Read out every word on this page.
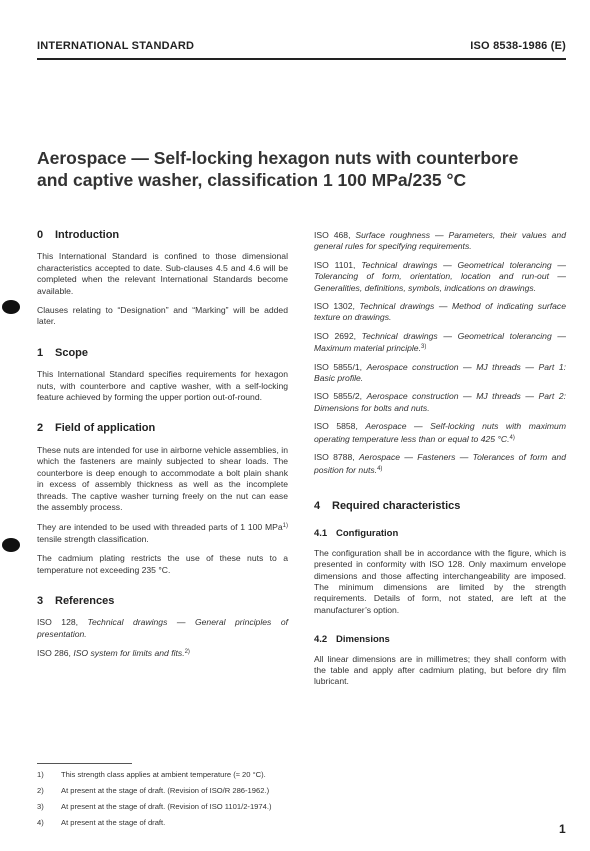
INTERNATIONAL STANDARD	ISO 8538-1986 (E)
Aerospace — Self-locking hexagon nuts with counterbore
and captive washer, classification 1 100 MPa/235 °C
0 Introduction

This International Standard is confined to those dimensional characteristics accepted to date. Sub-clauses 4.5 and 4.6 will be completed when the relevant International Standards become available.

Clauses relating to “Designation” and “Marking” will be added later.

1 Scope

This International Standard specifies requirements for hexagon nuts, with counterbore and captive washer, with a self-locking feature achieved by forming the upper portion out-of-round.

2 Field of application

These nuts are intended for use in airborne vehicle assemblies, in which the fasteners are mainly subjected to shear loads. The counterbore is deep enough to accommodate a bolt plain shank in excess of assembly thickness as well as the incomplete threads. The captive washer turning freely on the nut can ease the assembly process.

They are intended to be used with threaded parts of 1 100 MPa$^{1)}$ tensile strength classification.

The cadmium plating restricts the use of these nuts to a temperature not exceeding 235 °C.

3 References

ISO 128, Technical drawings — General principles of presentation.

ISO 286, ISO system for limits and fits.$^{2)}$

ISO 468, Surface roughness — Parameters, their values and general rules for specifying requirements.

ISO 1101, Technical drawings — Geometrical tolerancing — Tolerancing of form, orientation, location and run-out — Generalities, definitions, symbols, indications on drawings.

ISO 1302, Technical drawings — Method of indicating surface texture on drawings.

ISO 2692, Technical drawings — Geometrical tolerancing — Maximum material principle.$^{3)}$

ISO 5855/1, Aerospace construction — MJ threads — Part 1: Basic profile.

ISO 5855/2, Aerospace construction — MJ threads — Part 2: Dimensions for bolts and nuts.

ISO 5858, Aerospace — Self-locking nuts with maximum operating temperature less than or equal to 425 °C.$^{4)}$

ISO 8788, Aerospace — Fasteners — Tolerances of form and position for nuts.$^{4)}$

4 Required characteristics
4.1 Configuration

The configuration shall be in accordance with the figure, which is presented in conformity with ISO 128. Only maximum envelope dimensions and those affecting interchangeability are imposed. The minimum dimensions are limited by the strength requirements. Details of form, not stated, are left at the manufacturer’s option.

4.2 Dimensions

All linear dimensions are in millimetres; they shall conform with the table and apply after cadmium plating, but before dry film lubricant.

1) This strength class applies at ambient temperature (≈ 20 °C).
2) At present at the stage of draft. (Revision of ISO/R 286-1962.)
3) At present at the stage of draft. (Revision of ISO 1101/2-1974.)
4) At present at the stage of draft.	1
